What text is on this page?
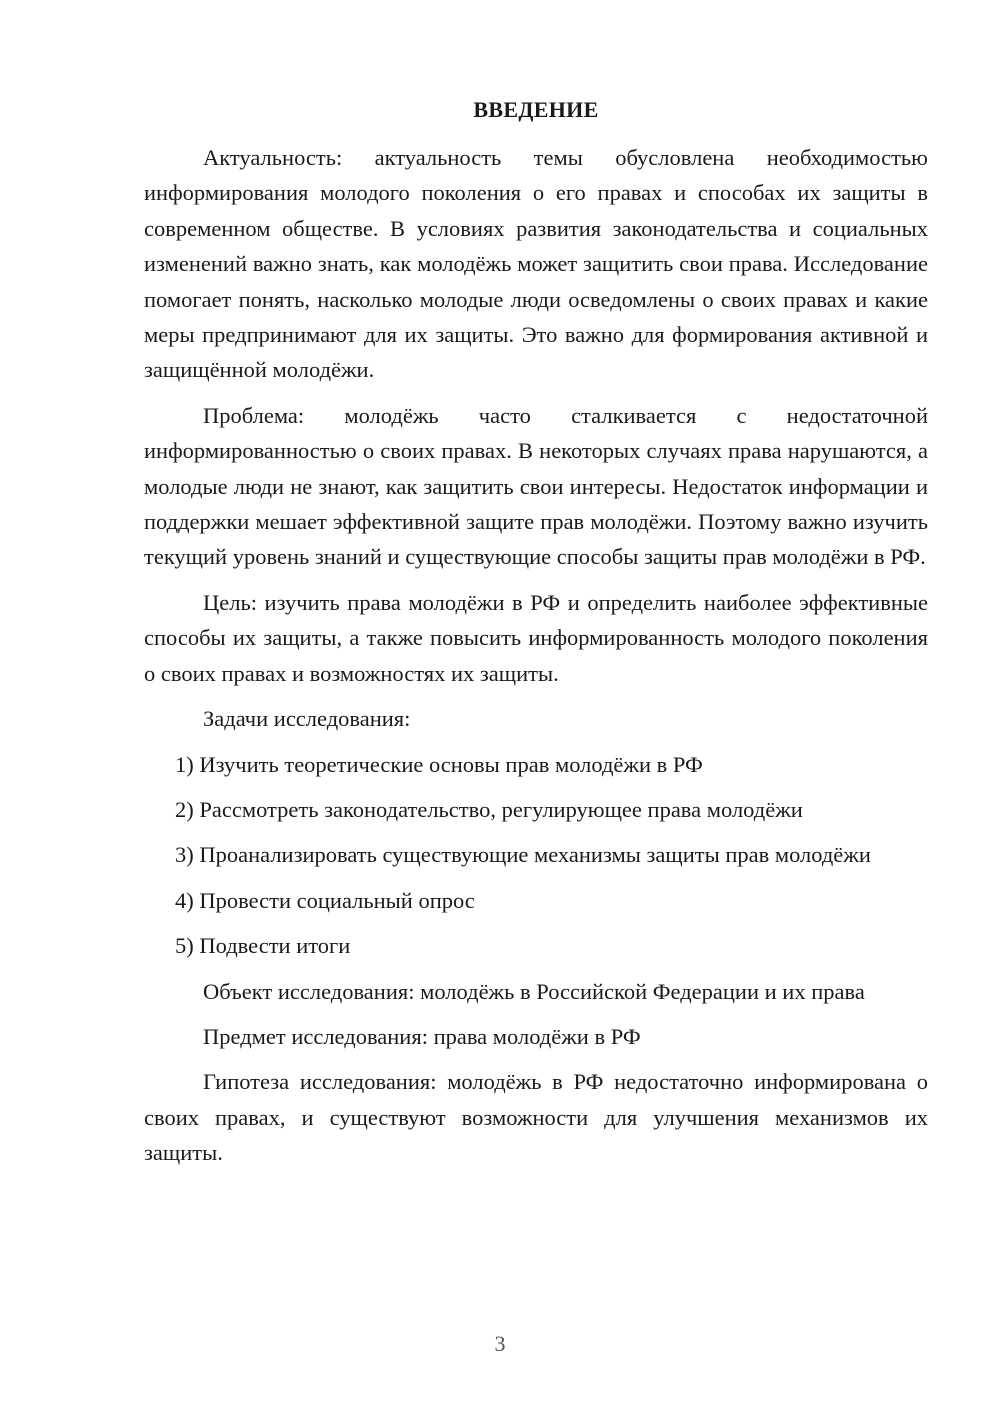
ВВЕДЕНИЕ

Актуальность: актуальность темы обусловлена необходимостью информирования молодого поколения о его правах и способах их защиты в современном обществе. В условиях развития законодательства и социальных изменений важно знать, как молодёжь может защитить свои права. Исследование помогает понять, насколько молодые люди осведомлены о своих правах и какие меры предпринимают для их защиты. Это важно для формирования активной и защищённой молодёжи.

Проблема: молодёжь часто сталкивается с недостаточной информированностью о своих правах. В некоторых случаях права нарушаются, а молодые люди не знают, как защитить свои интересы. Недостаток информации и поддержки мешает эффективной защите прав молодёжи. Поэтому важно изучить текущий уровень знаний и существующие способы защиты прав молодёжи в РФ.

Цель: изучить права молодёжи в РФ и определить наиболее эффективные способы их защиты, а также повысить информированность молодого поколения о своих правах и возможностях их защиты.

Задачи исследования:

1) Изучить теоретические основы прав молодёжи в РФ

2) Рассмотреть законодательство, регулирующее права молодёжи

3) Проанализировать существующие механизмы защиты прав молодёжи

4) Провести социальный опрос

5) Подвести итоги

Объект исследования: молодёжь в Российской Федерации и их права

Предмет исследования: права молодёжи в РФ

Гипотеза исследования: молодёжь в РФ недостаточно информирована о своих правах, и существуют возможности для улучшения механизмов их защиты.

3
